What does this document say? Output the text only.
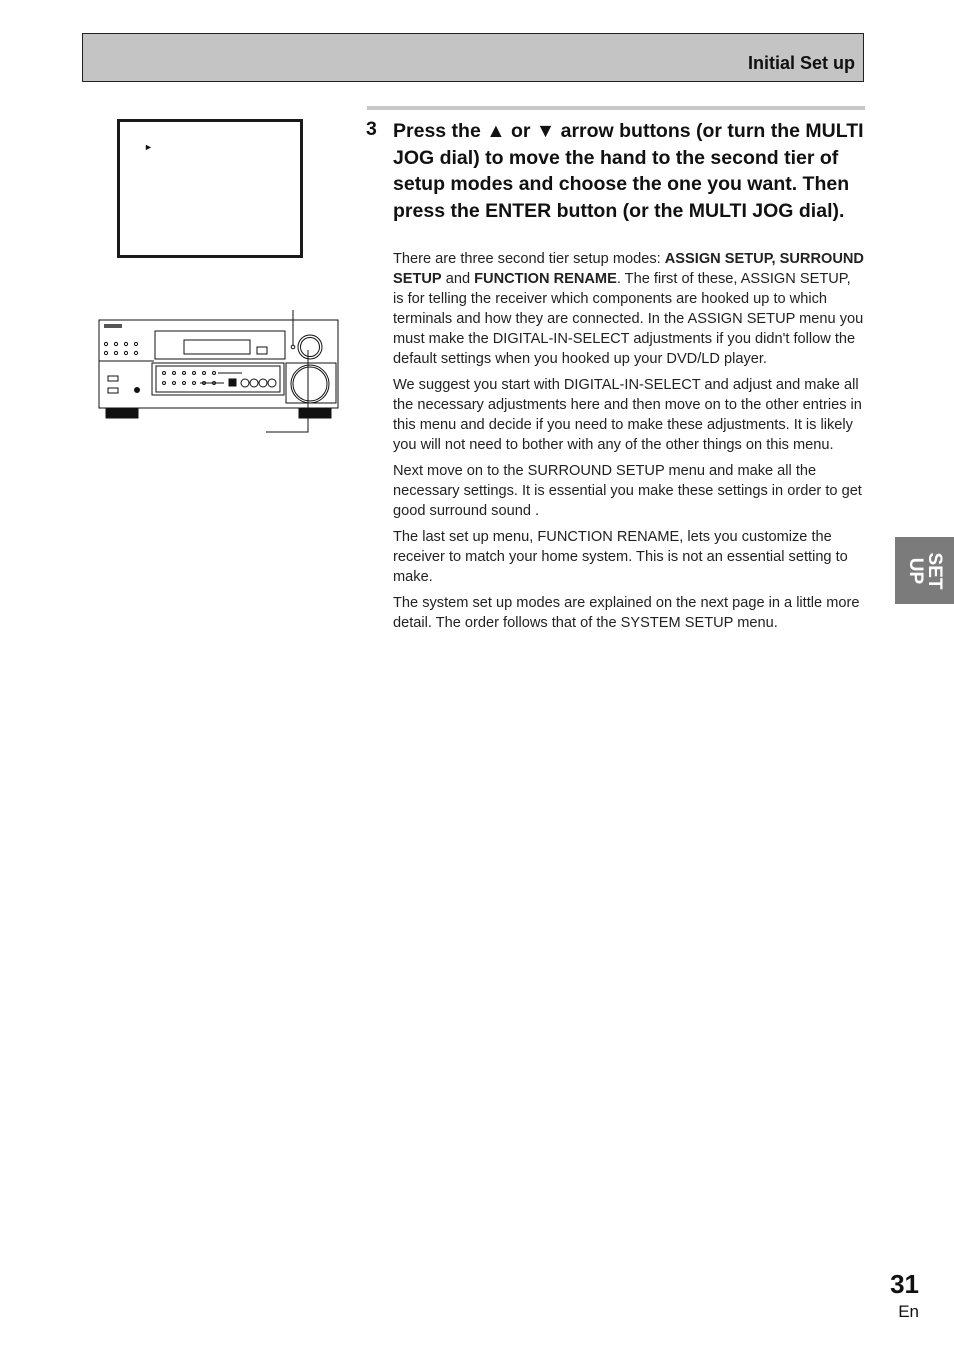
Initial Set up
►
3 Press the ▲ or ▼ arrow buttons (or turn the MULTI JOG dial) to move the hand to the second tier of setup modes and choose the one you want. Then press the ENTER button (or the MULTI JOG dial).

There are three second tier setup modes: ASSIGN SETUP, SURROUND SETUP and FUNCTION RENAME. The first of these, ASSIGN SETUP, is for telling the receiver which components are hooked up to which terminals and how they are connected. In the ASSIGN SETUP menu you must make the DIGITAL-IN-SELECT adjustments if you didn't follow the default settings when you hooked up your DVD/LD player.

We suggest you start with DIGITAL-IN-SELECT and adjust and make all the necessary adjustments here and then move on to the other entries in this menu and decide if you need to make these adjustments. It is likely you will not need to bother with any of the other things on this menu.

Next move on to the SURROUND SETUP menu and make all the necessary settings. It is essential you make these settings in order to get good surround sound .

The last set up menu, FUNCTION RENAME, lets you customize the receiver to match your home system. This is not an essential setting to make.

The system set up modes are explained on the next page in a little more detail. The order follows that of the SYSTEM SETUP menu.

SET
UP
31
En
